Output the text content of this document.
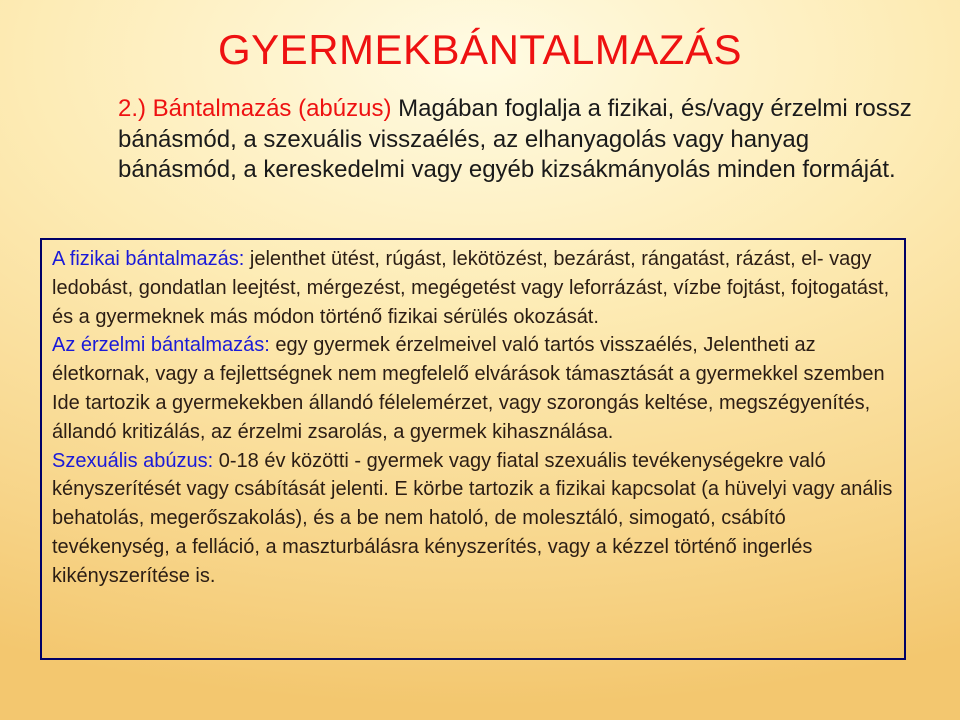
GYERMEKBÁNTALMAZÁS
2.) Bántalmazás (abúzus) Magában foglalja a fizikai, és/vagy érzelmi rossz bánásmód, a szexuális visszaélés, az elhanyagolás vagy hanyag bánásmód, a kereskedelmi vagy egyéb kizsákmányolás minden formáját.

A fizikai bántalmazás: jelenthet ütést, rúgást, lekötözést, bezárást, rángatást, rázást, el- vagy ledobást, gondatlan leejtést, mérgezést, megégetést vagy leforrázást, vízbe fojtást, fojtogatást, és a gyermeknek más módon történő fizikai sérülés okozását.

Az érzelmi bántalmazás: egy gyermek érzelmeivel való tartós visszaélés, Jelentheti az életkornak, vagy a fejlettségnek nem megfelelő elvárások támasztását a gyermekkel szemben Ide tartozik a gyermekekben állandó félelemérzet, vagy szorongás keltése, megszégyenítés, állandó kritizálás, az érzelmi zsarolás, a gyermek kihasználása.

Szexuális abúzus: 0-18 év közötti - gyermek vagy fiatal szexuális tevékenységekre való kényszerítését vagy csábítását jelenti. E körbe tartozik a fizikai kapcsolat (a hüvelyi vagy anális behatolás, megerőszakolás), és a be nem hatoló, de molesztáló, simogató, csábító tevékenység, a felláció, a maszturbálásra kényszerítés, vagy a kézzel történő ingerlés kikényszerítése is.
